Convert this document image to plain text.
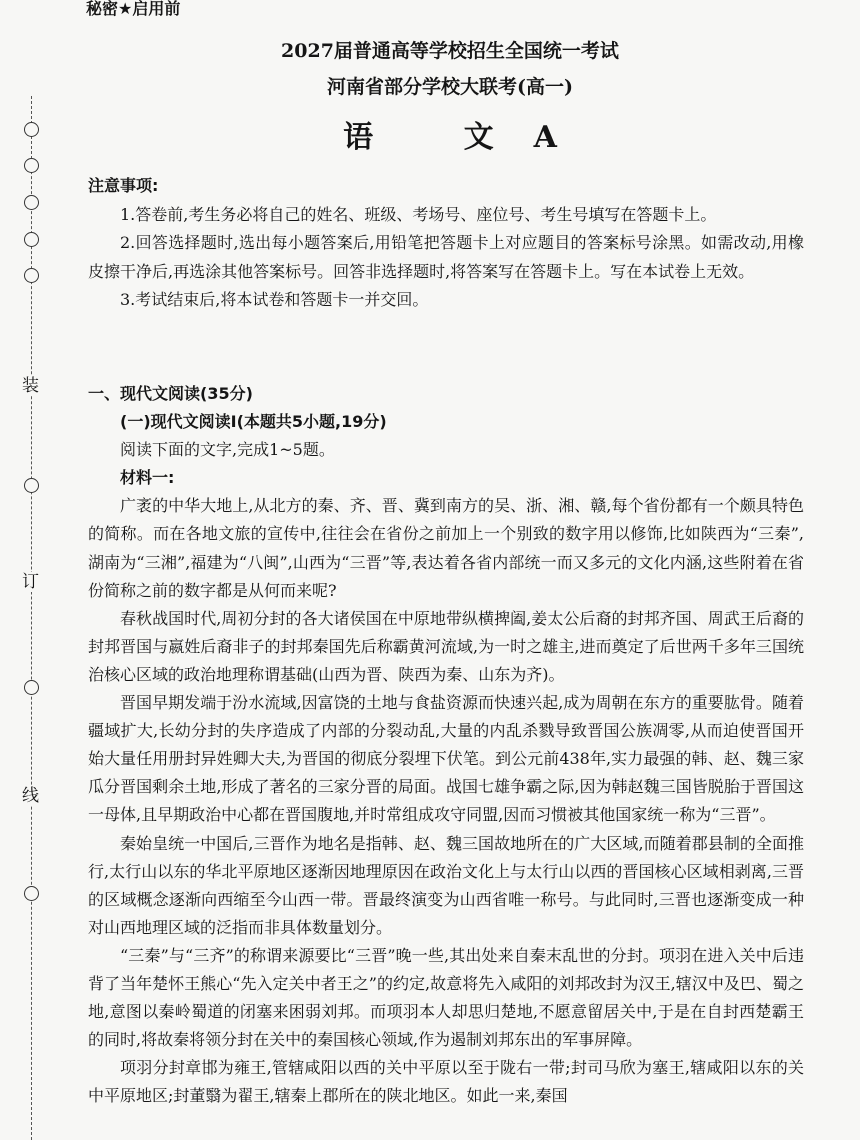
装
订
线
秘密★启用前
2027届普通高等学校招生全国统一考试
河南省部分学校大联考(高一)
语 文A

注意事项:

1.答卷前,考生务必将自己的姓名、班级、考场号、座位号、考生号填写在答题卡上。

2.回答选择题时,选出每小题答案后,用铅笔把答题卡上对应题目的答案标号涂黑。如需改动,用橡皮擦干净后,再选涂其他答案标号。回答非选择题时,将答案写在答题卡上。写在本试卷上无效。

3.考试结束后,将本试卷和答题卡一并交回。

一、现代文阅读(35分)

(一)现代文阅读Ⅰ(本题共5小题,19分)

阅读下面的文字,完成1~5题。

材料一:

广袤的中华大地上,从北方的秦、齐、晋、冀到南方的吴、浙、湘、赣,每个省份都有一个颇具特色的简称。而在各地文旅的宣传中,往往会在省份之前加上一个别致的数字用以修饰,比如陕西为“三秦”,湖南为“三湘”,福建为“八闽”,山西为“三晋”等,表达着各省内部统一而又多元的文化内涵,这些附着在省份简称之前的数字都是从何而来呢?

春秋战国时代,周初分封的各大诸侯国在中原地带纵横捭阖,姜太公后裔的封邦齐国、周武王后裔的封邦晋国与嬴姓后裔非子的封邦秦国先后称霸黄河流域,为一时之雄主,进而奠定了后世两千多年三国统治核心区域的政治地理称谓基础(山西为晋、陕西为秦、山东为齐)。

晋国早期发端于汾水流域,因富饶的土地与食盐资源而快速兴起,成为周朝在东方的重要肱骨。随着疆域扩大,长幼分封的失序造成了内部的分裂动乱,大量的内乱杀戮导致晋国公族凋零,从而迫使晋国开始大量任用册封异姓卿大夫,为晋国的彻底分裂埋下伏笔。到公元前438年,实力最强的韩、赵、魏三家瓜分晋国剩余土地,形成了著名的三家分晋的局面。战国七雄争霸之际,因为韩赵魏三国皆脱胎于晋国这一母体,且早期政治中心都在晋国腹地,并时常组成攻守同盟,因而习惯被其他国家统一称为“三晋”。

秦始皇统一中国后,三晋作为地名是指韩、赵、魏三国故地所在的广大区域,而随着郡县制的全面推行,太行山以东的华北平原地区逐渐因地理原因在政治文化上与太行山以西的晋国核心区域相剥离,三晋的区域概念逐渐向西缩至今山西一带。晋最终演变为山西省唯一称号。与此同时,三晋也逐渐变成一种对山西地理区域的泛指而非具体数量划分。

“三秦”与“三齐”的称谓来源要比“三晋”晚一些,其出处来自秦末乱世的分封。项羽在进入关中后违背了当年楚怀王熊心“先入定关中者王之”的约定,故意将先入咸阳的刘邦改封为汉王,辖汉中及巴、蜀之地,意图以秦岭蜀道的闭塞来困弱刘邦。而项羽本人却思归楚地,不愿意留居关中,于是在自封西楚霸王的同时,将故秦将领分封在关中的秦国核心领域,作为遏制刘邦东出的军事屏障。

项羽分封章邯为雍王,管辖咸阳以西的关中平原以至于陇右一带;封司马欣为塞王,辖咸阳以东的关中平原地区;封董翳为翟王,辖秦上郡所在的陕北地区。如此一来,秦国
